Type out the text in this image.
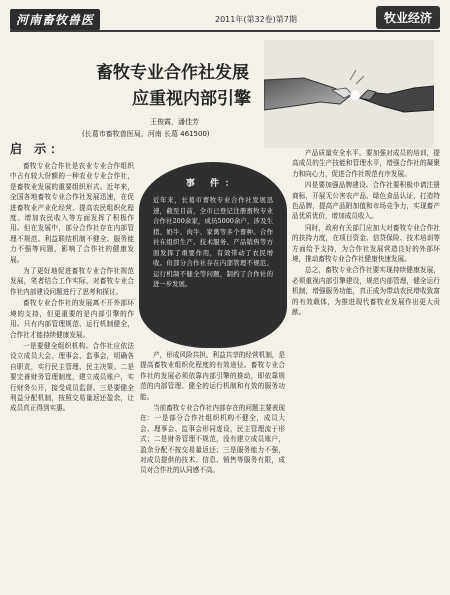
河南畜牧兽医	2011年(第32卷)第7期	牧业经济
畜牧专业合作社发展
应重视内部引擎
王俊霞，潘佳芳
(长葛市畜牧兽医局，河南 长葛 461500)
启 示：

畜牧专业合作社是农业专业合作组织中占有较大份额的一种农业专业合作社，是畜牧业发展的重要组织形式。近年来，全国各地畜牧专业合作社发展迅速，在促进畜牧业产业化经营、提高农民组织化程度、增加农民收入等方面发挥了积极作用。但在发展中，部分合作社存在内部管理不规范、利益联结机制不健全、服务能力不强等问题，影响了合作社的健康发展。

为了更好地促进畜牧专业合作社规范发展，笔者结合工作实际，对畜牧专业合作社内部建设问题进行了思考和探讨。

畜牧专业合作社的发展离不开外部环境的支持，但更重要的是内部引擎的作用。只有内部管理规范、运行机制健全，合作社才能持续健康发展。

一是要健全组织机构。合作社应依法设立成员大会、理事会、监事会，明确各自职责，实行民主管理、民主决策。二是要完善财务管理制度，建立成员账户，实行财务公开，接受成员监督。三是要健全利益分配机制，按照交易量返还盈余，让成员真正得到实惠。

事 件：
近年来，长葛市畜牧专业合作社发展迅速，截至目前，全市已登记注册畜牧专业合作社200余家，成员5000余户，涉及生猪、奶牛、肉牛、家禽等多个畜种。合作社在组织生产、技术服务、产品销售等方面发挥了重要作用，有效带动了农民增收。但部分合作社存在内部管理不规范、运行机制不健全等问题，制约了合作社的进一步发展。

产，形成风险共担、利益共享的经营机制，是提高畜牧业组织化程度的有效途径。畜牧专业合作社的发展必须依靠内部引擎的推动，即依靠规范的内部管理、健全的运行机制和有效的服务功能。

当前畜牧专业合作社内部存在的问题主要表现在：一是部分合作社组织机构不健全，成员大会、理事会、监事会形同虚设，民主管理流于形式；二是财务管理不规范，没有建立成员账户，盈余分配不按交易量返还；三是服务能力不强，对成员提供的技术、信息、销售等服务有限，成员对合作社的认同感不高。

产品质量安全水平。要加强对成员的培训，提高成员的生产技能和管理水平，增强合作社的凝聚力和向心力，促进合作社规范有序发展。

四是要加强品牌建设。合作社要积极申请注册商标，开展无公害农产品、绿色食品认证，打造特色品牌，提高产品附加值和市场竞争力，实现畜产品优质优价，增加成员收入。

同时，政府有关部门应加大对畜牧专业合作社的扶持力度，在项目资金、信贷保险、技术培训等方面给予支持，为合作社发展营造良好的外部环境，推动畜牧专业合作社健康快速发展。

总之，畜牧专业合作社要实现持续健康发展，必须重视内部引擎建设，规范内部管理，健全运行机制，增强服务功能，真正成为带动农民增收致富的有效载体，为推进现代畜牧业发展作出更大贡献。
